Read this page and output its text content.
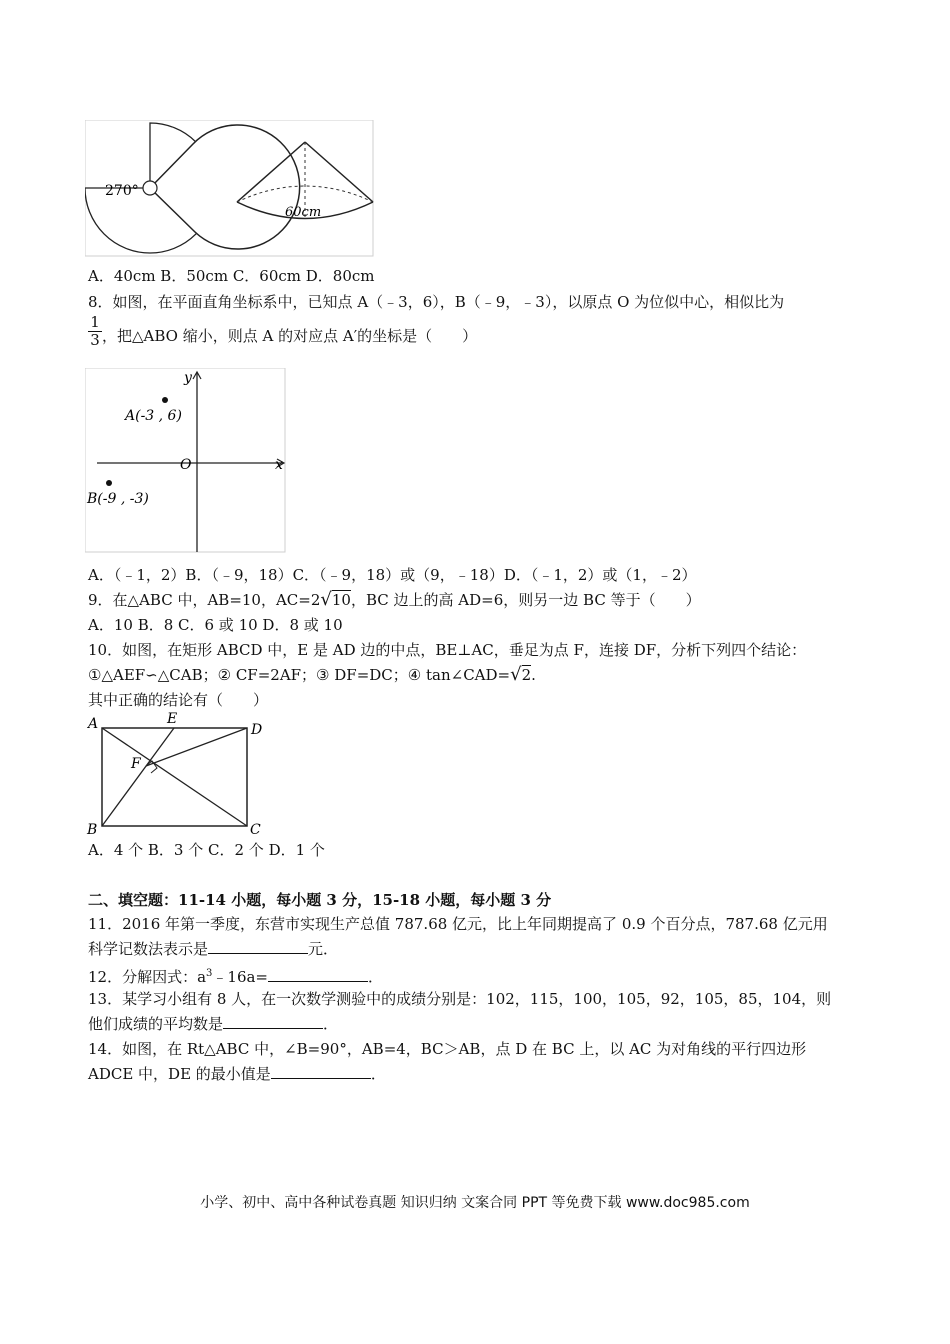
270°
60cm
A．40cm B．50cm C．60cm D．80cm
8．如图，在平面直角坐标系中，已知点 A（﹣3，6），B（﹣9，﹣3），以原点 O 为位似中心，相似比为
$\frac{1}{3}$ ，把△ABO 缩小，则点 A 的对应点 A′的坐标是（　　）
y
x
O
A(-3 , 6)
B(-9 , -3)
A．（﹣1，2）B．（﹣9，18）C．（﹣9，18）或（9，﹣18）D．（﹣1，2）或（1，﹣2）
9．在△ABC 中，AB=10，AC=2√10，BC 边上的高 AD=6，则另一边 BC 等于（　　）
A．10 B．8 C．6 或 10 D．8 或 10
10．如图，在矩形 ABCD 中，E 是 AD 边的中点，BE⊥AC，垂足为点 F，连接 DF，分析下列四个结论：
①△AEF∽△CAB；② CF=2AF；③ DF=DC；④ tan∠CAD=√2.
其中正确的结论有（　　）
A	E
D
F
B	C
A．4 个 B．3 个 C．2 个 D．1 个
二、填空题：11-14 小题，每小题 3 分，15-18 小题，每小题 3 分
11．2016 年第一季度，东营市实现生产总值 787.68 亿元，比上年同期提高了 0.9 个百分点，787.68 亿元用
科学记数法表示是	元．
12．分解因式：$a^3﹣16a=$	．
13．某学习小组有 8 人，在一次数学测验中的成绩分别是：102，115，100，105，92，105，85，104，则
他们成绩的平均数是	．
14．如图，在 Rt△ABC 中，∠B=90°，AB=4，BC＞AB，点 D 在 BC 上，以 AC 为对角线的平行四边形
ADCE 中，DE 的最小值是	．
小学、初中、高中各种试卷真题 知识归纳 文案合同 PPT 等免费下载 www.doc985.com
